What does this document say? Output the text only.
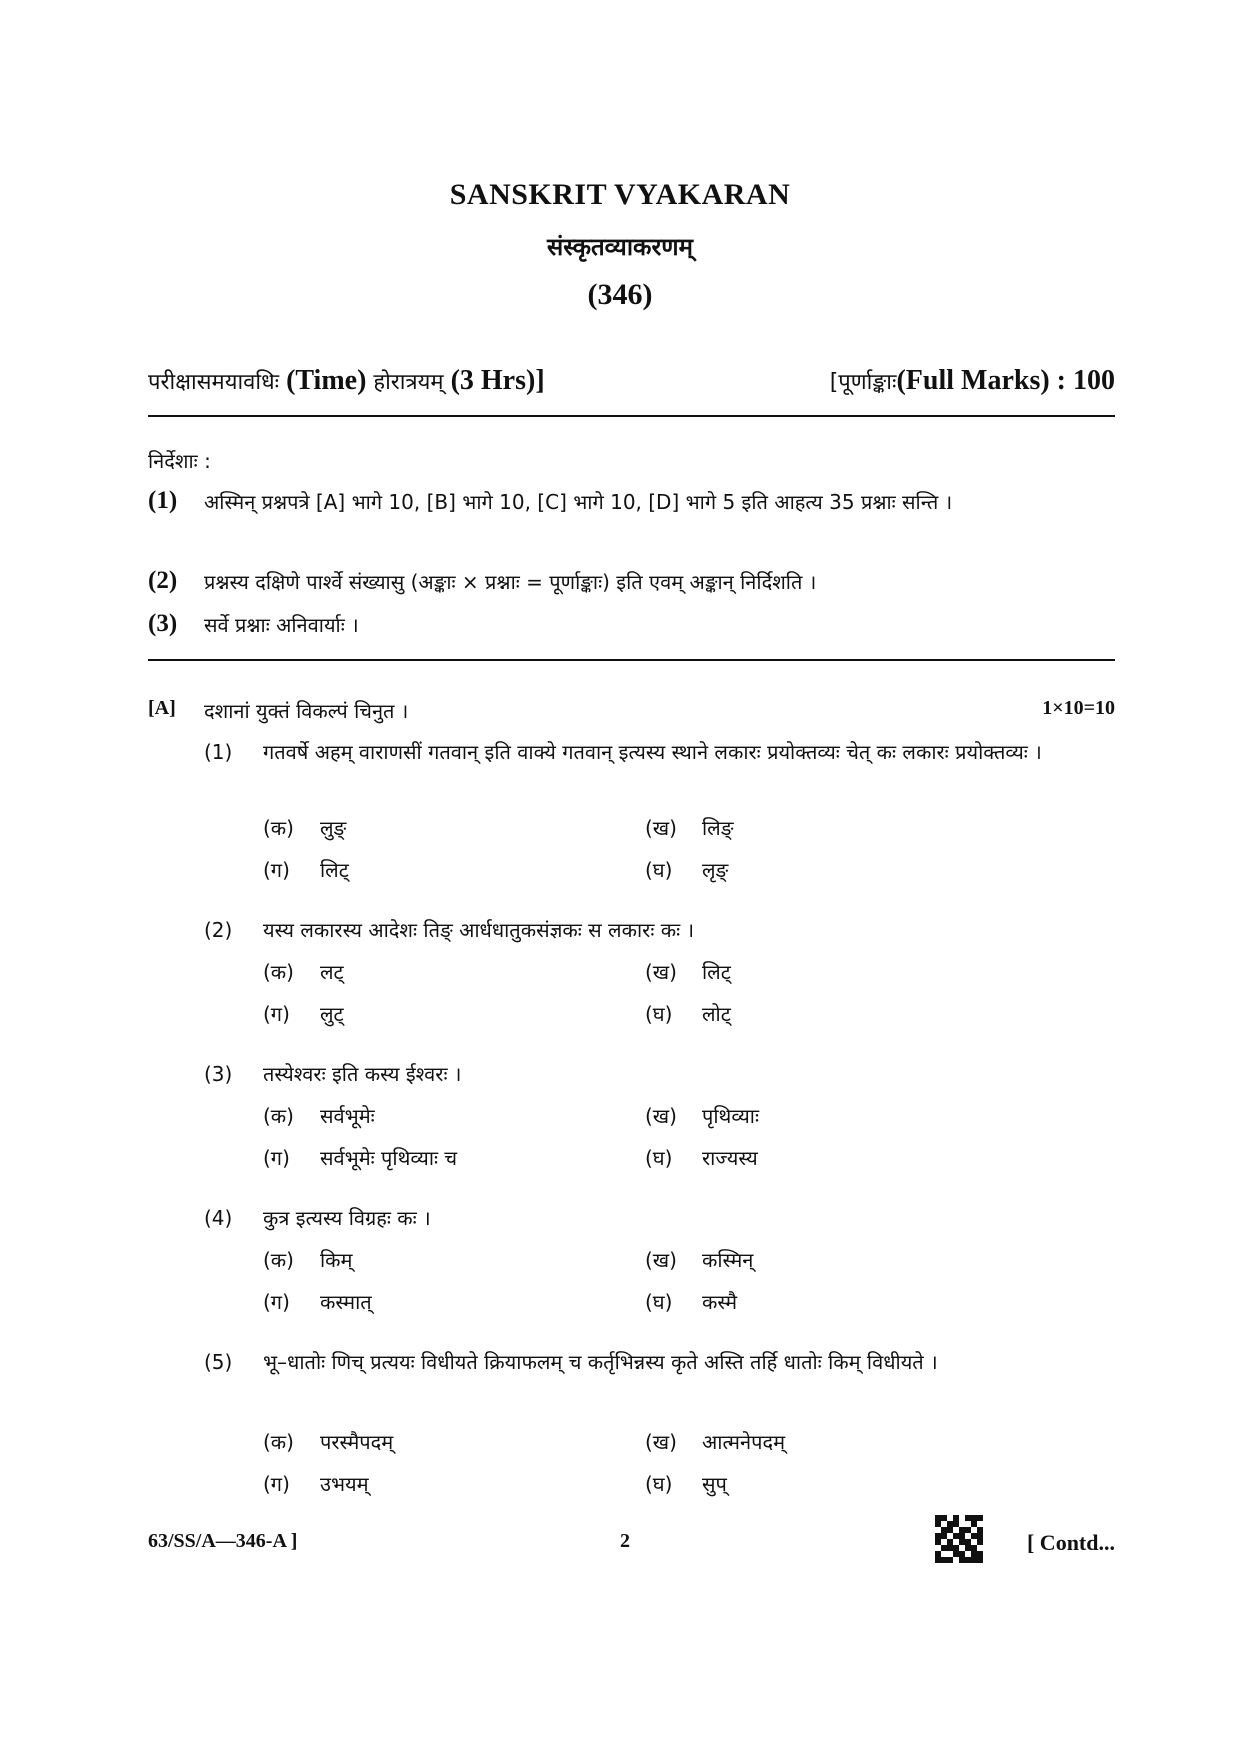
SANSKRIT VYAKARAN
संस्कृतव्याकरणम्
(346)
परीक्षासमयावधिः (Time) होरात्रयम् (3 Hrs)]	[पूर्णाङ्काः(Full Marks) : 100
निर्देशाः :
(1) अस्मिन् प्रश्नपत्रे [A] भागे 10, [B] भागे 10, [C] भागे 10, [D] भागे 5 इति आहत्य 35 प्रश्नाः सन्ति ।
(2) प्रश्नस्य दक्षिणे पार्श्वे संख्यासु (अङ्काः × प्रश्नाः = पूर्णाङ्काः) इति एवम् अङ्कान् निर्दिशति ।
(3) सर्वे प्रश्नाः अनिवार्याः ।
[A] दशानां युक्तं विकल्पं चिनुत ।	1×10=10
(1) गतवर्षे अहम् वाराणसीं गतवान् इति वाक्ये गतवान् इत्यस्य स्थाने लकारः प्रयोक्तव्यः चेत् कः लकारः प्रयोक्तव्यः ।
(क) लुङ्	(ख) लिङ्
(ग) लिट्	(घ) लृङ्
(2) यस्य लकारस्य आदेशः तिङ् आर्धधातुकसंज्ञकः स लकारः कः ।
(क) लट्	(ख) लिट्
(ग) लुट्	(घ) लोट्
(3) तस्येश्वरः इति कस्य ईश्वरः ।
(क) सर्वभूमेः	(ख) पृथिव्याः
(ग) सर्वभूमेः पृथिव्याः च	(घ) राज्यस्य
(4) कुत्र इत्यस्य विग्रहः कः ।
(क) किम्	(ख) कस्मिन्
(ग) कस्मात्	(घ) कस्मै
(5) भू–धातोः णिच् प्रत्ययः विधीयते क्रियाफलम् च कर्तृभिन्नस्य कृते अस्ति तर्हि धातोः किम् विधीयते ।
(क) परस्मैपदम्	(ख) आत्मनेपदम्
(ग) उभयम्	(घ) सुप्
63/SS/A—346-A ]	2	[ Contd...
